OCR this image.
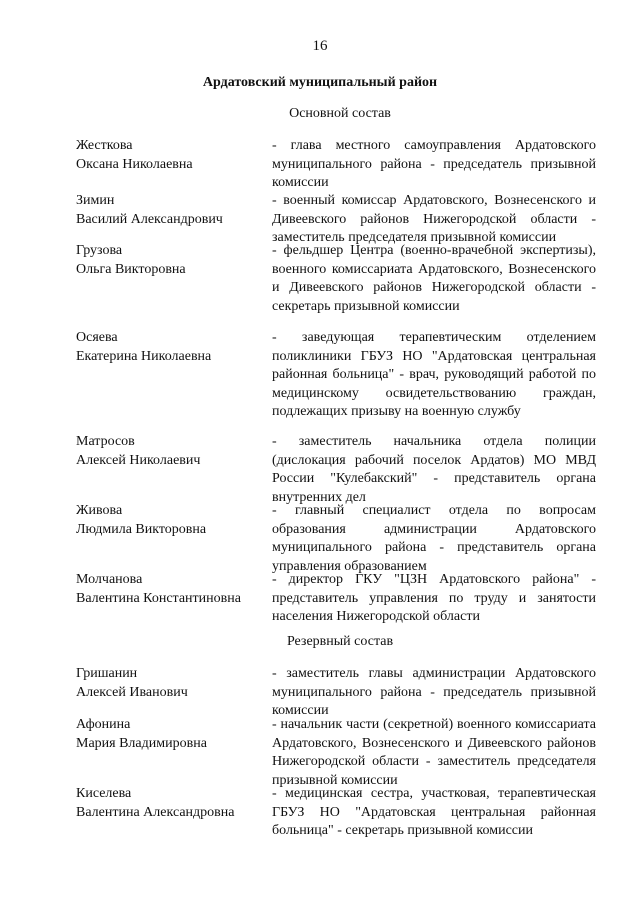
16
Ардатовский муниципальный район
Основной состав
Жесткова
Оксана Николаевна
- глава местного самоуправления Ардатовского муниципального района - председатель призывной комиссии
Зимин
Василий Александрович
- военный комиссар Ардатовского, Вознесенского и Дивеевского районов Нижегородской области - заместитель председателя призывной комиссии
Грузова
Ольга Викторовна
- фельдшер Центра (военно-врачебной экспертизы), военного комиссариата Ардатовского, Вознесенского и Дивеевского районов Нижегородской области - секретарь призывной комиссии
Осяева
Екатерина Николаевна
- заведующая терапевтическим отделением поликлиники ГБУЗ НО "Ардатовская центральная районная больница" - врач, руководящий работой по медицинскому освидетельствованию граждан, подлежащих призыву на военную службу
Матросов
Алексей Николаевич
- заместитель начальника отдела полиции (дислокация рабочий поселок Ардатов) МО МВД России "Кулебакский" - представитель органа внутренних дел
Живова
Людмила Викторовна
- главный специалист отдела по вопросам образования администрации Ардатовского муниципального района - представитель органа управления образованием
Молчанова
Валентина Константиновна
- директор ГКУ "ЦЗН Ардатовского района" - представитель управления по труду и занятости населения Нижегородской области
Резервный состав
Гришанин
Алексей Иванович
- заместитель главы администрации Ардатовского муниципального района - председатель призывной комиссии
Афонина
Мария Владимировна
- начальник части (секретной) военного комиссариата Ардатовского, Вознесенского и Дивеевского районов Нижегородской области - заместитель председателя призывной комиссии
Киселева
Валентина Александровна
- медицинская сестра, участковая, терапевтическая ГБУЗ НО "Ардатовская центральная районная больница" - секретарь призывной комиссии
